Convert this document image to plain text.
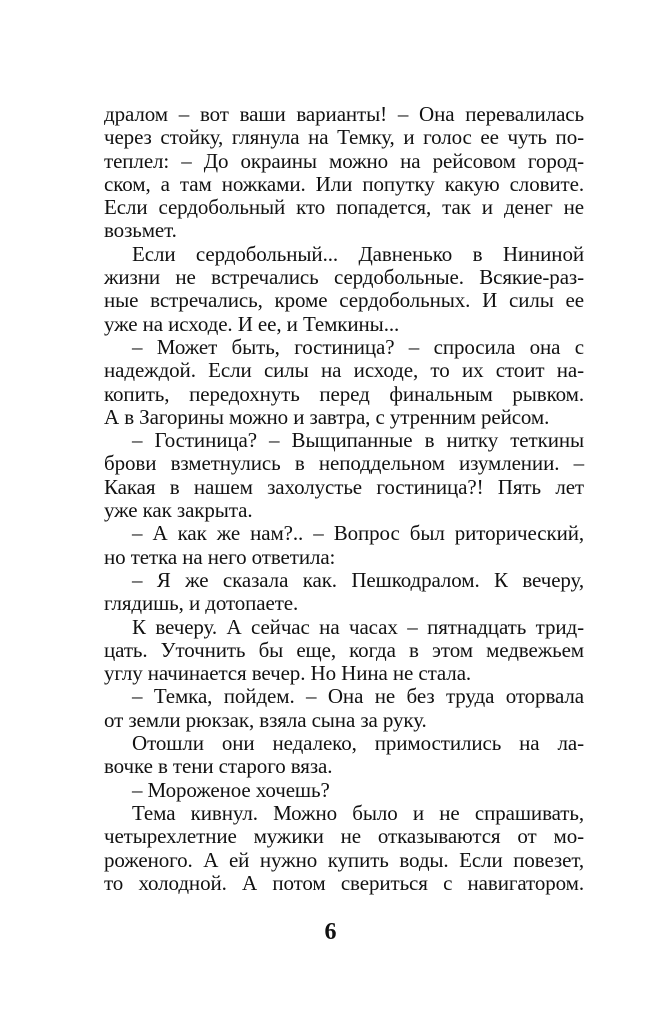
дралом – вот ваши варианты! – Она перевалилась
через стойку, глянула на Темку, и голос ее чуть по-
теплел: – До окраины можно на рейсовом город-
ском, а там ножками. Или попутку какую словите.
Если сердобольный кто попадется, так и денег не
возьмет.
Если сердобольный... Давненько в Нининой
жизни не встречались сердобольные. Всякие-раз-
ные встречались, кроме сердобольных. И силы ее
уже на исходе. И ее, и Темкины...
– Может быть, гостиница? – спросила она с
надеждой. Если силы на исходе, то их стоит на-
копить, передохнуть перед финальным рывком.
А в Загорины можно и завтра, с утренним рейсом.
– Гостиница? – Выщипанные в нитку теткины
брови взметнулись в неподдельном изумлении. –
Какая в нашем захолустье гостиница?! Пять лет
уже как закрыта.
– А как же нам?.. – Вопрос был риторический,
но тетка на него ответила:
– Я же сказала как. Пешкодралом. К вечеру,
глядишь, и дотопаете.
К вечеру. А сейчас на часах – пятнадцать трид-
цать. Уточнить бы еще, когда в этом медвежьем
углу начинается вечер. Но Нина не стала.
– Темка, пойдем. – Она не без труда оторвала
от земли рюкзак, взяла сына за руку.
Отошли они недалеко, примостились на ла-
вочке в тени старого вяза.
– Мороженое хочешь?
Тема кивнул. Можно было и не спрашивать,
четырехлетние мужики не отказываются от мо-
роженого. А ей нужно купить воды. Если повезет,
то холодной. А потом свериться с навигатором.
6
